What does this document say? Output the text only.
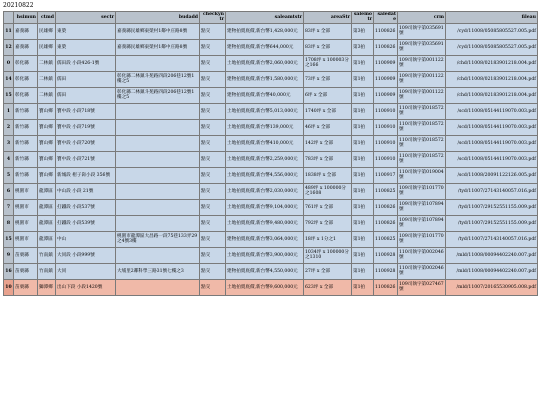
20210822
	hsimun	ctmd	sectr	budadd	checkyntr	saleamtstr	areaStr	salemotr	saledate	crm	fileau
11	嘉義縣	民雄鄉	東榮	嘉義縣民雄鄉東榮村1鄰中庄路8號	點交	建物拍賣底價,新台幣1,428,000元	83坪 x 全部	第3拍	1100826	109司執字第035691號	/cyd/11008/05085805527.005.pdf
12	嘉義縣	民雄鄉	東榮	嘉義縣民雄鄉東榮村1鄰中庄路8號	點交	建物拍賣底價,新台幣644,000元	83坪 x 全部	第3拍	1100826	109司執字第035691號	/cyd/11008/05085805527.005.pdf
0	彰化縣	二林鎮	儒田段 小段426-1號		點交	土地拍賣底價,新台幣2,060,000元	1708坪 x 100003分之166	第1拍	1100909	109司執字第001122號	/chd/11008/02183901218.004.pdf
14	彰化縣	二林鎮	儒田	彰化縣二林鎮斗苑路四段206巷12號1樓之5	點交	建物拍賣底價,新台幣1,580,000元	73坪 x 全部	第1拍	1100909	109司執字第001122號	/chd/11008/02183901218.004.pdf
15	彰化縣	二林鎮	儒田	彰化縣二林鎮斗苑路四段206巷12號1樓之5	點交	建物拍賣底價,新台幣40,000元	6坪 x 全部	第1拍	1100909	109司執字第001122號	/chd/11008/02183901218.004.pdf
1	新竹縣	寶山鄉	寶中段 小段718號		點交	土地拍賣底價,新台幣5,013,000元	1740坪 x 全部	第1拍	1100910	110司執字第018572號	/scd/11008/05144119070.003.pdf
2	新竹縣	寶山鄉	寶中段 小段719號		點交	土地拍賣底價,新台幣139,000元	46坪 x 全部	第1拍	1100910	110司執字第018572號	/scd/11008/05144119070.003.pdf
3	新竹縣	寶山鄉	寶中段 小段720號		點交	土地拍賣底價,新台幣410,000元	142坪 x 全部	第1拍	1100910	110司執字第018572號	/scd/11008/05144119070.003.pdf
4	新竹縣	寶山鄉	寶中段 小段721號		點交	土地拍賣底價,新台幣2,259,000元	783坪 x 全部	第1拍	1100910	110司執字第018572號	/scd/11008/05144119070.003.pdf
5	新竹縣	寶山鄉	新城段 柑子崗小段 356號		點交	土地拍賣底價,新台幣4,556,000元	1838坪 x 全部	第1拍	1100917	110司執字第019004號	/scd/11008/20091122126.005.pdf
6	桃園市	龍潭區	中山段 小段 21號		點交	土地拍賣底價,新台幣2,030,000元	489坪 x 100000分之1608	第1拍	1100825	109司執字第101770號	/tyd/11007/27143140057.016.pdf
7	桃園市	龍潭區	打鐵段 小段537號		點交	土地拍賣底價,新台幣9,104,000元	761坪 x 全部	第1拍	1100826	109司執字第107894號	/tyd/11007/29152551155.009.pdf
8	桃園市	龍潭區	打鐵段 小段539號		點交	土地拍賣底價,新台幣9,480,000元	792坪 x 全部	第1拍	1100826	109司執字第107894號	/tyd/11007/29152551155.009.pdf
15	桃園市	龍潭區	中山	桃園市龍潭區大昌路一段75巷133弄29之4號3樓	點交	建物拍賣底價,新台幣3,064,000元	18坪 x 1分之1	第1拍	1100825	109司執字第101770號	/tyd/11007/27143140057.016.pdf
9	苗栗縣	竹南鎮	大同段 小段999號		點交	土地拍賣底價,新台幣3,900,000元	1034坪 x 100000分之1310	第1拍	1100928	110司執字第002046號	/mld/11008/00094402240.007.pdf
16	苗栗縣	竹南鎮	大同	大埔里2鄰科學三路31號七樓之3	點交	建物拍賣底價,新台幣4,550,000元	27坪 x 全部	第1拍	1100928	110司執字第002046號	/mld/11008/00094402240.007.pdf
10	苗栗縣	獅潭鄉	出山下段 小段1420號		點交	土地拍賣底價,新台幣9,600,000元	623坪 x 全部	第1拍	1100826	109司執字第027467號	/mld/11007/20165530905.008.pdf
